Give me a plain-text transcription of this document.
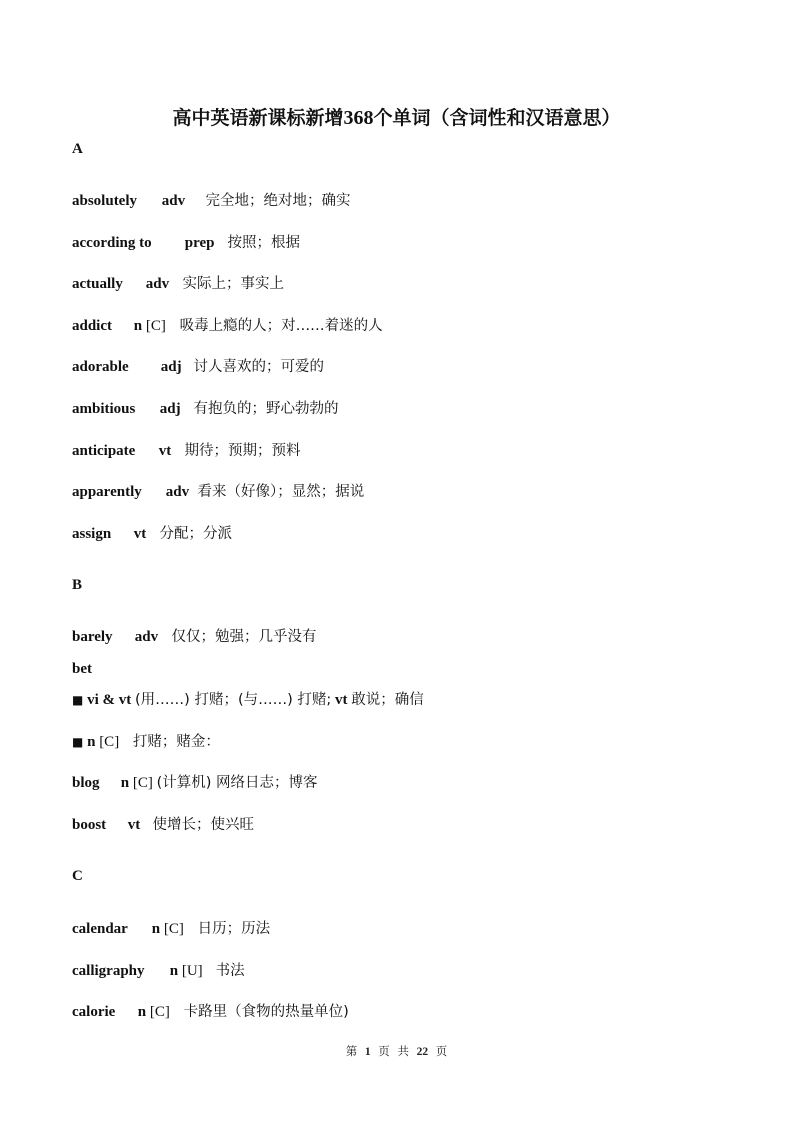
高中英语新课标新增368个单词（含词性和汉语意思）
A
absolutely adv 完全地；绝对地；确实
according to prep 按照；根据
actually adv 实际上；事实上
addict n [C] 吸毒上瘾的人；对……着迷的人
adorable adj 讨人喜欢的；可爱的
ambitious adj 有抱负的；野心勃勃的
anticipate vt 期待；预期；预料
apparently adv 看来（好像）；显然；据说
assign vt 分配；分派
B
barely adv 仅仅；勉强；几乎没有
bet
■ vi & vt (用……) 打赌；(与……) 打赌; vt 敢说；确信
■ n [C] 打赌；赌金：
blog n [C] (计算机) 网络日志；博客
boost vt 使增长；使兴旺
C
calendar n [C] 日历；历法
calligraphy n [U] 书法
calorie n [C] 卡路里（食物的热量单位)
第 1 页 共 22 页
